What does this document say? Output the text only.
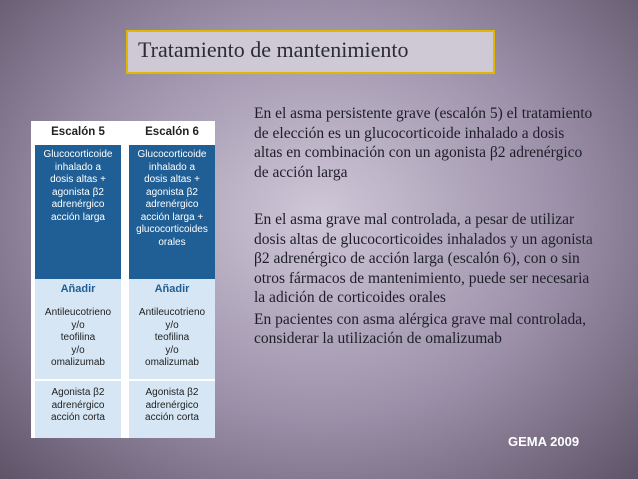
Tratamiento de mantenimiento
Escalón 5
Glucocorticoide
inhalado a
dosis altas +
agonista β2
adrenérgico
acción larga
Añadir
Antileucotrieno
y/o
teofilina
y/o
omalizumab
Agonista β2
adrenérgico
acción corta
Escalón 6
Glucocorticoide
inhalado a
dosis altas +
agonista β2
adrenérgico
acción larga +
glucocorticoides
orales
Añadir
Antileucotrieno
y/o
teofilina
y/o
omalizumab
Agonista β2
adrenérgico
acción corta

En el asma persistente grave (escalón 5) el tratamiento de elección es un glucocorticoide inhalado a dosis altas en combinación con un agonista β2 adrenérgico de acción larga

En el asma grave mal controlada, a pesar de utilizar dosis altas de glucocorticoides inhalados y un agonista β2 adrenérgico de acción larga (escalón 6), con o sin otros fármacos de mantenimiento, puede ser necesaria la adición de corticoides orales

En pacientes con asma alérgica grave mal controlada, considerar la utilización de omalizumab

GEMA 2009
